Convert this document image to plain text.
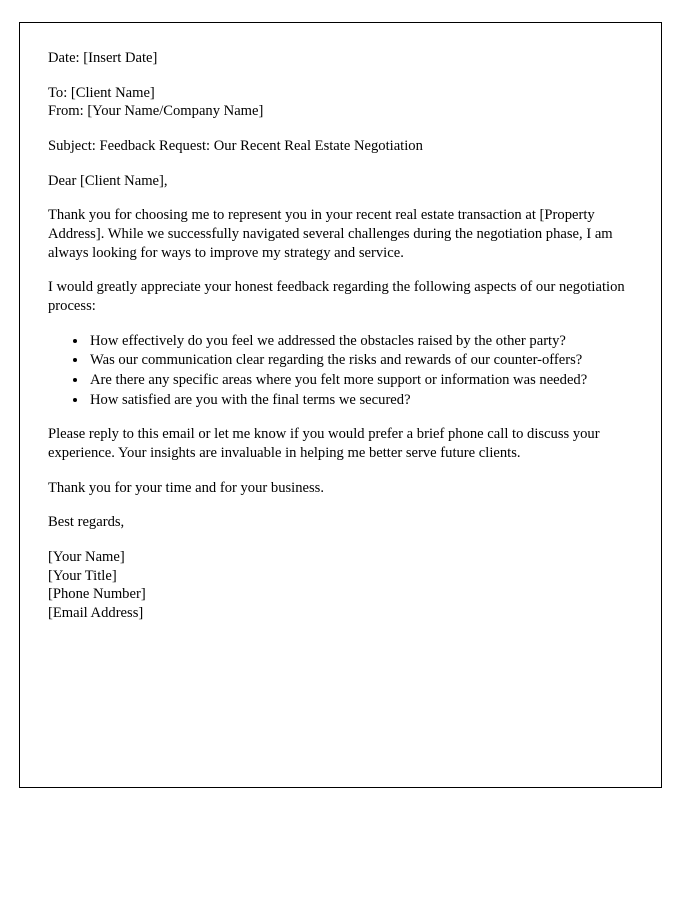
Date: [Insert Date]
To: [Client Name]
From: [Your Name/Company Name]
Subject: Feedback Request: Our Recent Real Estate Negotiation
Dear [Client Name],

Thank you for choosing me to represent you in your recent real estate transaction at [Property Address]. While we successfully navigated several challenges during the negotiation phase, I am always looking for ways to improve my strategy and service.

I would greatly appreciate your honest feedback regarding the following aspects of our negotiation process:

• How effectively do you feel we addressed the obstacles raised by the other party?
• Was our communication clear regarding the risks and rewards of our counter-offers?
• Are there any specific areas where you felt more support or information was needed?
• How satisfied are you with the final terms we secured?

Please reply to this email or let me know if you would prefer a brief phone call to discuss your experience. Your insights are invaluable in helping me better serve future clients.

Thank you for your time and for your business.

Best regards,
[Your Name]
[Your Title]
[Phone Number]
[Email Address]
